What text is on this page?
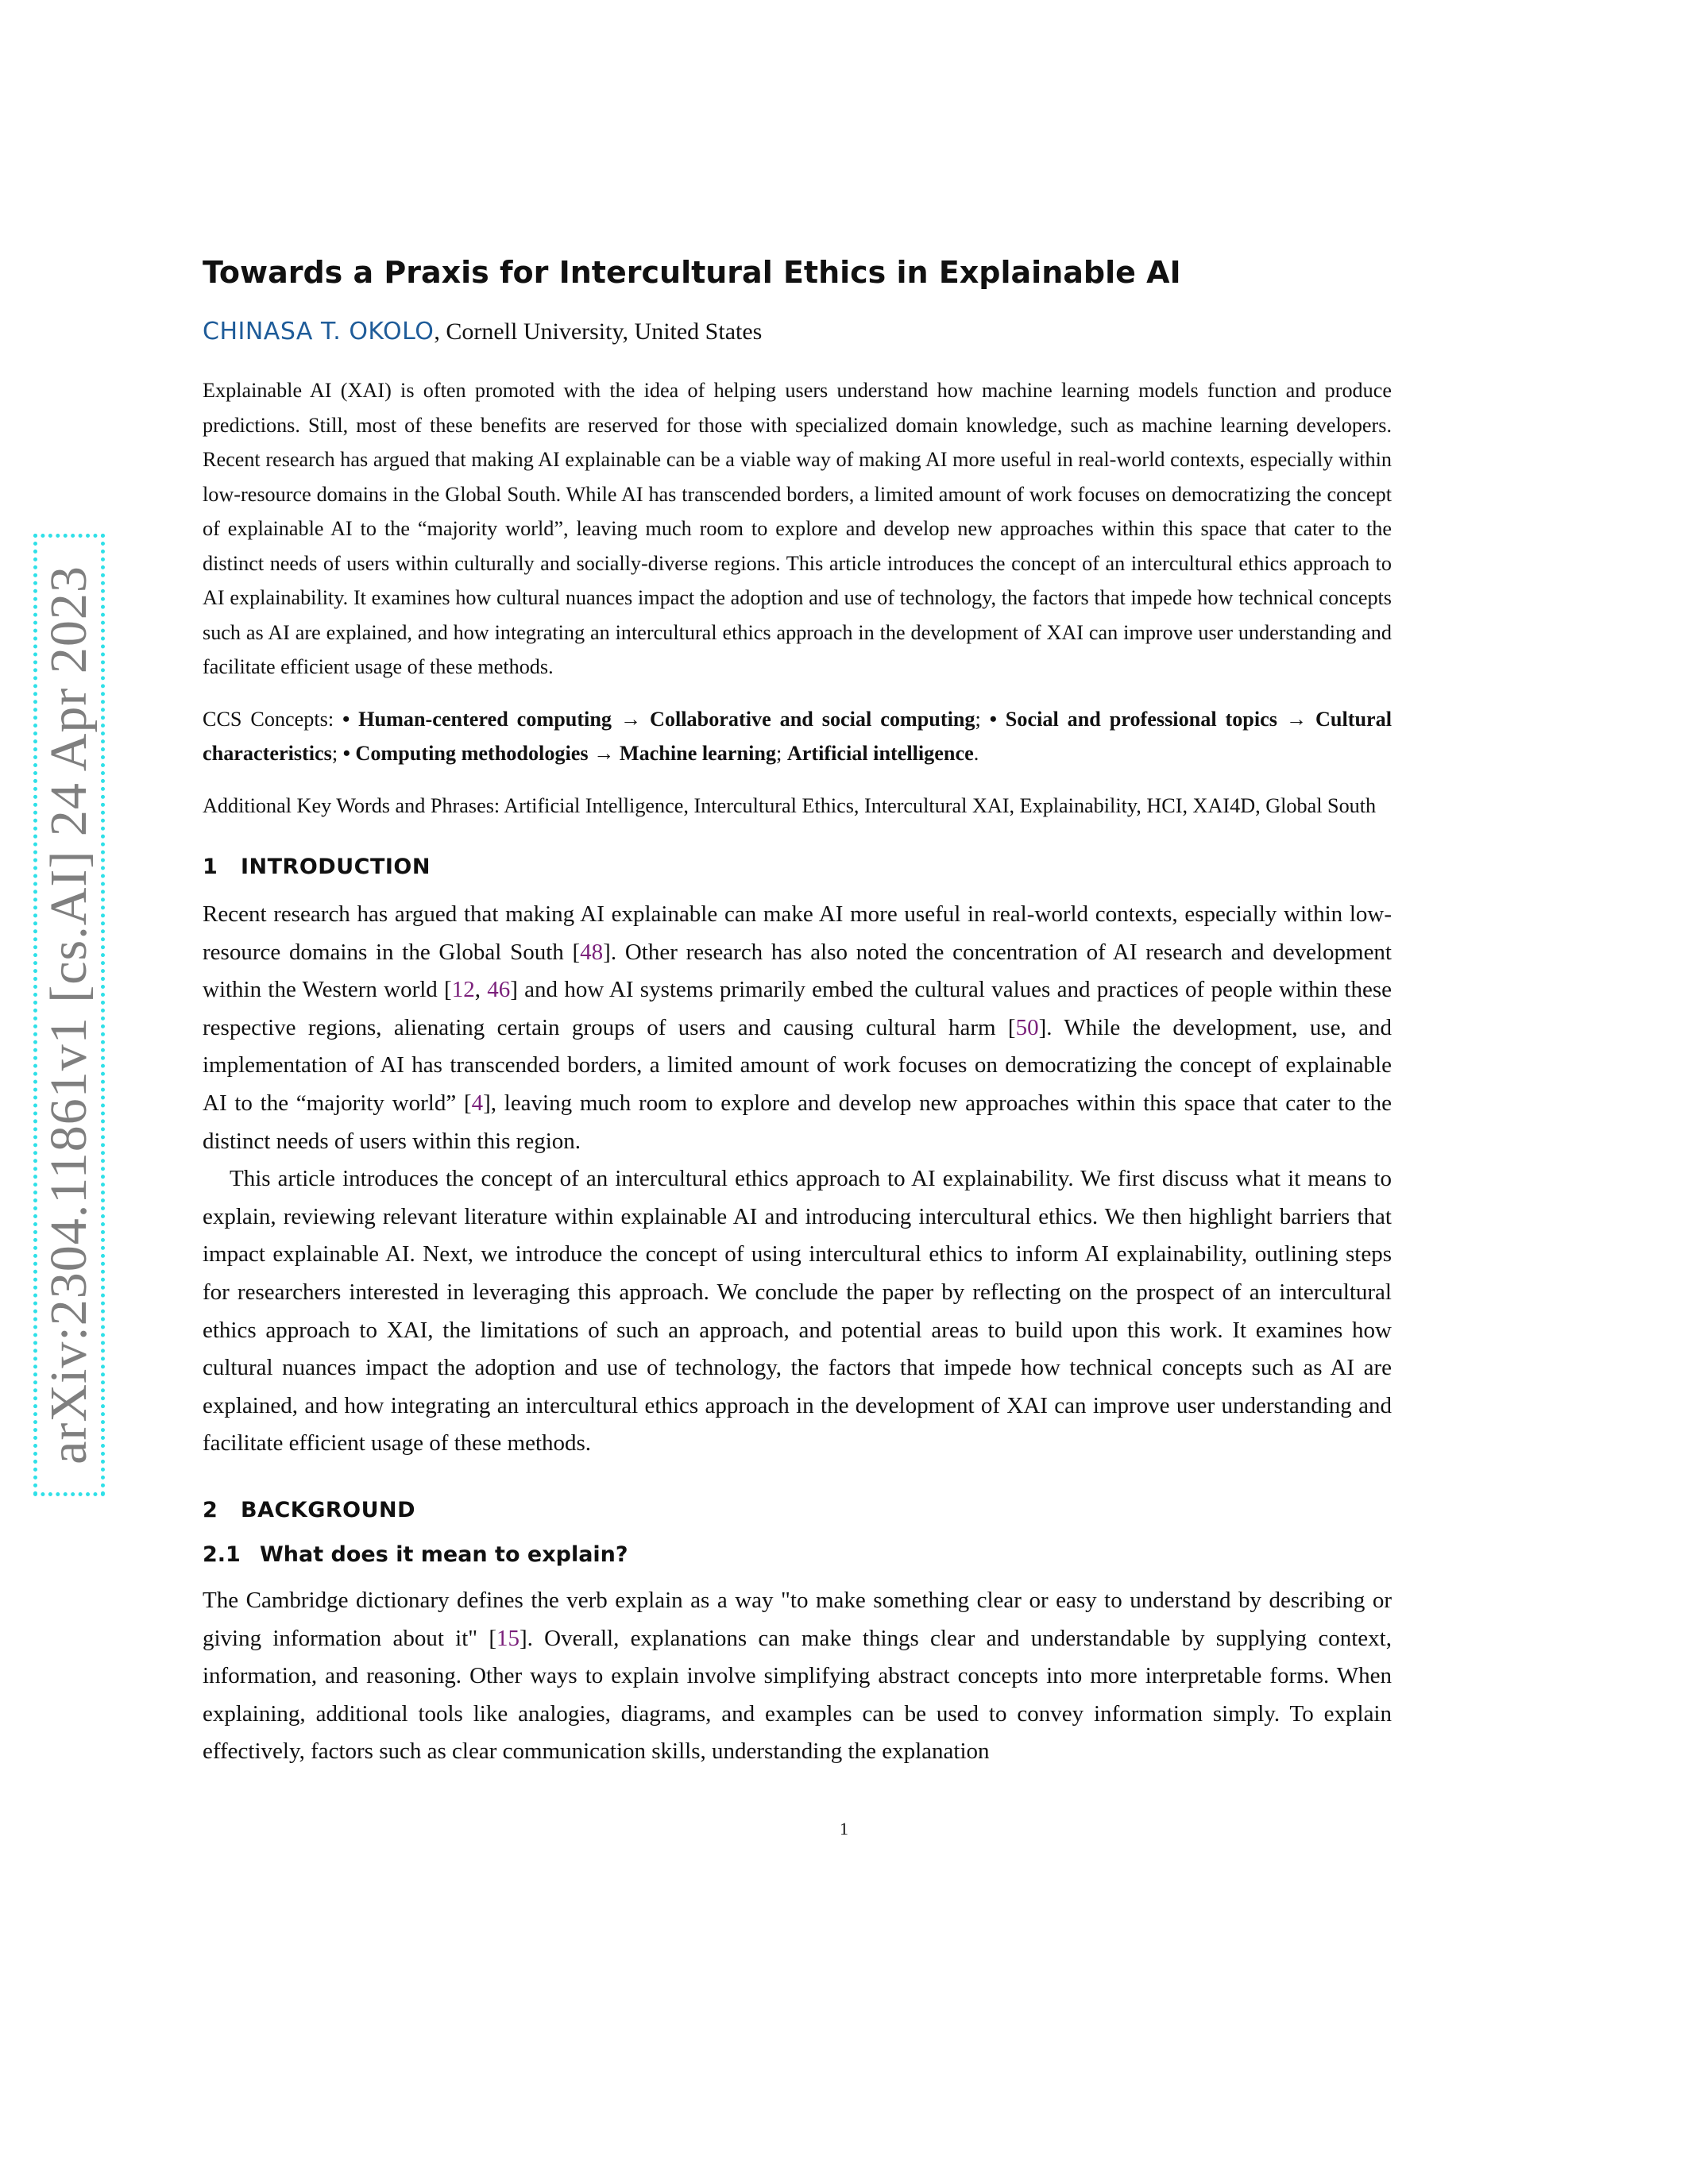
arXiv:2304.11861v1 [cs.AI] 24 Apr 2023
Towards a Praxis for Intercultural Ethics in Explainable AI
CHINASA T. OKOLO, Cornell University, United States

Explainable AI (XAI) is often promoted with the idea of helping users understand how machine learning models function and produce predictions. Still, most of these benefits are reserved for those with specialized domain knowledge, such as machine learning developers. Recent research has argued that making AI explainable can be a viable way of making AI more useful in real-world contexts, especially within low-resource domains in the Global South. While AI has transcended borders, a limited amount of work focuses on democratizing the concept of explainable AI to the “majority world”, leaving much room to explore and develop new approaches within this space that cater to the distinct needs of users within culturally and socially-diverse regions. This article introduces the concept of an intercultural ethics approach to AI explainability. It examines how cultural nuances impact the adoption and use of technology, the factors that impede how technical concepts such as AI are explained, and how integrating an intercultural ethics approach in the development of XAI can improve user understanding and facilitate efficient usage of these methods.

CCS Concepts: • Human-centered computing → Collaborative and social computing; • Social and professional topics → Cultural characteristics; • Computing methodologies → Machine learning; Artificial intelligence.

Additional Key Words and Phrases: Artificial Intelligence, Intercultural Ethics, Intercultural XAI, Explainability, HCI, XAI4D, Global South

1 INTRODUCTION

Recent research has argued that making AI explainable can make AI more useful in real-world contexts, especially within low-resource domains in the Global South [48]. Other research has also noted the concentration of AI research and development within the Western world [12, 46] and how AI systems primarily embed the cultural values and practices of people within these respective regions, alienating certain groups of users and causing cultural harm [50]. While the development, use, and implementation of AI has transcended borders, a limited amount of work focuses on democratizing the concept of explainable AI to the “majority world” [4], leaving much room to explore and develop new approaches within this space that cater to the distinct needs of users within this region.

This article introduces the concept of an intercultural ethics approach to AI explainability. We first discuss what it means to explain, reviewing relevant literature within explainable AI and introducing intercultural ethics. We then highlight barriers that impact explainable AI. Next, we introduce the concept of using intercultural ethics to inform AI explainability, outlining steps for researchers interested in leveraging this approach. We conclude the paper by reflecting on the prospect of an intercultural ethics approach to XAI, the limitations of such an approach, and potential areas to build upon this work. It examines how cultural nuances impact the adoption and use of technology, the factors that impede how technical concepts such as AI are explained, and how integrating an intercultural ethics approach in the development of XAI can improve user understanding and facilitate efficient usage of these methods.

2 BACKGROUND
2.1 What does it mean to explain?

The Cambridge dictionary defines the verb explain as a way "to make something clear or easy to understand by describing or giving information about it" [15]. Overall, explanations can make things clear and understandable by supplying context, information, and reasoning. Other ways to explain involve simplifying abstract concepts into more interpretable forms. When explaining, additional tools like analogies, diagrams, and examples can be used to convey information simply. To explain effectively, factors such as clear communication skills, understanding the explanation

1
